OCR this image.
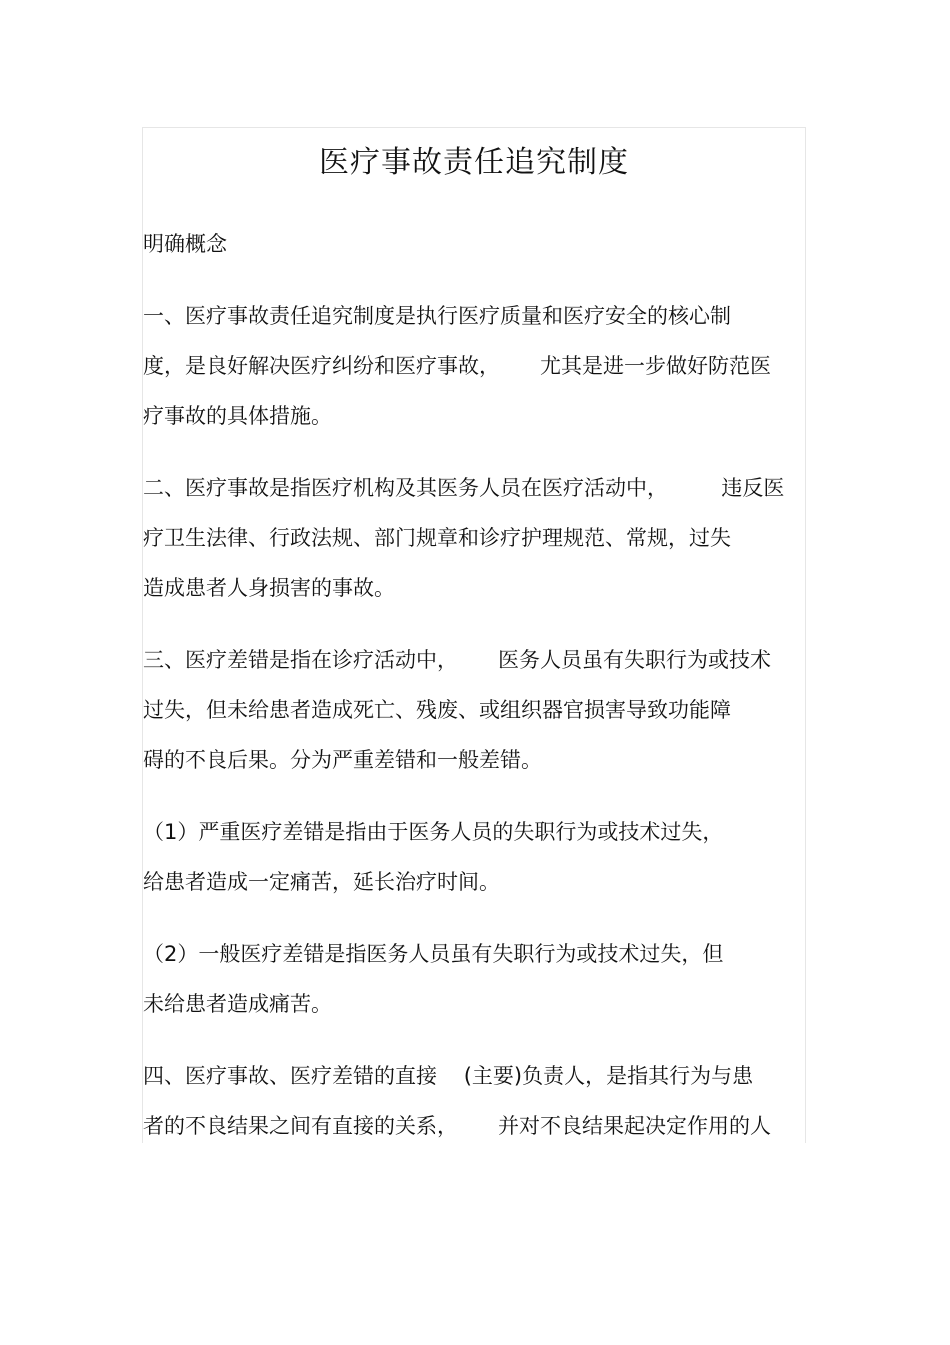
医疗事故责任追究制度
明确概念
一、医疗事故责任追究制度是执行医疗质量和医疗安全的核心制
度，是良好解决医疗纠纷和医疗事故，      尤其是进一步做好防范医
疗事故的具体措施。
二、医疗事故是指医疗机构及其医务人员在医疗活动中，        违反医
疗卫生法律、行政法规、部门规章和诊疗护理规范、常规，过失
造成患者人身损害的事故。
三、医疗差错是指在诊疗活动中，      医务人员虽有失职行为或技术
过失，但未给患者造成死亡、残废、或组织器官损害导致功能障
碍的不良后果。分为严重差错和一般差错。
（1）严重医疗差错是指由于医务人员的失职行为或技术过失，
给患者造成一定痛苦，延长治疗时间。
（2）一般医疗差错是指医务人员虽有失职行为或技术过失，但
未给患者造成痛苦。
四、医疗事故、医疗差错的直接    (主要)负责人，是指其行为与患
者的不良结果之间有直接的关系，      并对不良结果起决定作用的人
